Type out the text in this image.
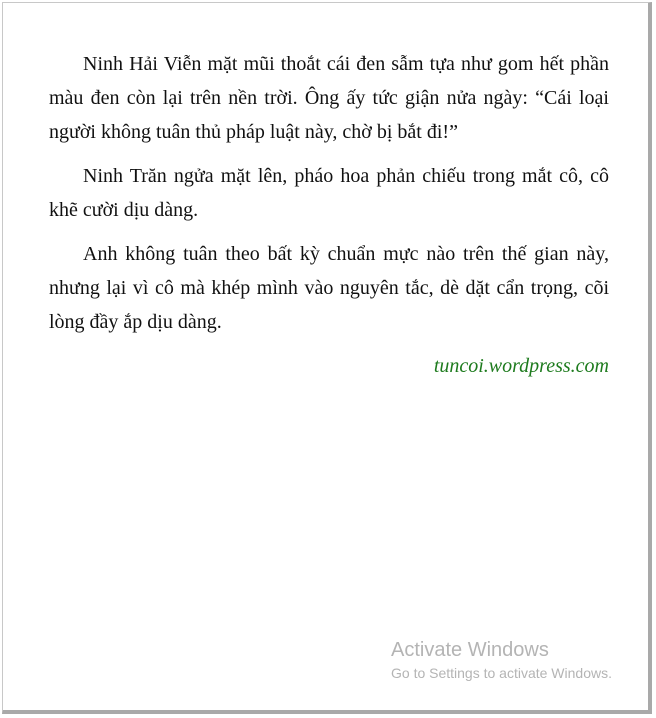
Ninh Hải Viễn mặt mũi thoắt cái đen sẫm tựa như gom hết phần màu đen còn lại trên nền trời. Ông ấy tức giận nửa ngày: “Cái loại người không tuân thủ pháp luật này, chờ bị bắt đi!”

Ninh Trăn ngửa mặt lên, pháo hoa phản chiếu trong mắt cô, cô khẽ cười dịu dàng.

Anh không tuân theo bất kỳ chuẩn mực nào trên thế gian này, nhưng lại vì cô mà khép mình vào nguyên tắc, dè dặt cẩn trọng, cõi lòng đầy ắp dịu dàng.

tuncoi.wordpress.com
Activate Windows
Go to Settings to activate Windows.
